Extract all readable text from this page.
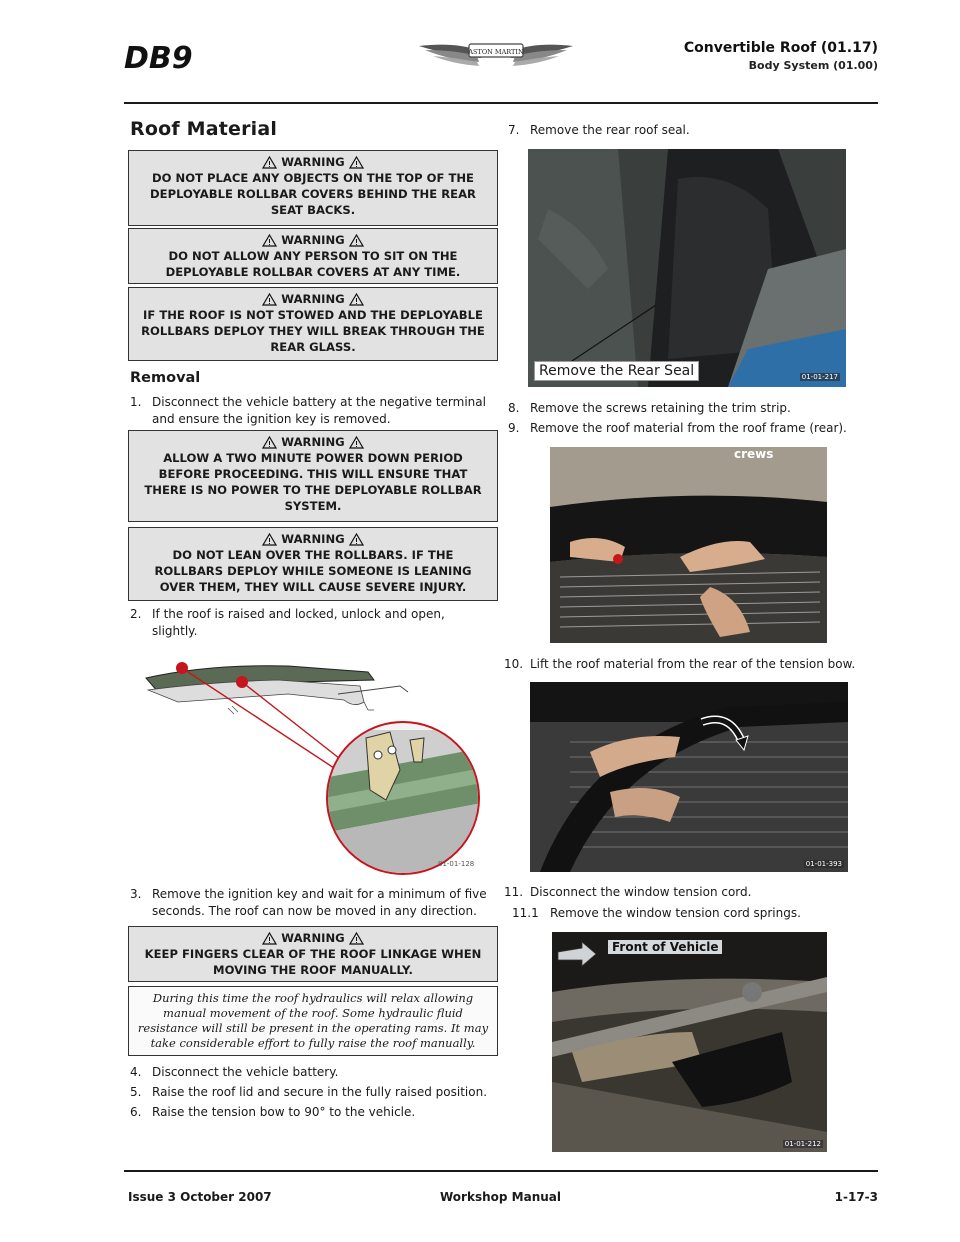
DB9	ASTON MARTIN	Convertible Roof (01.17)
Body System (01.00)
Roof Material
WARNING
DO NOT PLACE ANY OBJECTS ON THE TOP OF THE DEPLOYABLE ROLLBAR COVERS BEHIND THE REAR SEAT BACKS.
WARNING
DO NOT ALLOW ANY PERSON TO SIT ON THE DEPLOYABLE ROLLBAR COVERS AT ANY TIME.
WARNING
IF THE ROOF IS NOT STOWED AND THE DEPLOYABLE ROLLBARS DEPLOY THEY WILL BREAK THROUGH THE REAR GLASS.
Removal
1. Disconnect the vehicle battery at the negative terminal and ensure the ignition key is removed.
WARNING
ALLOW A TWO MINUTE POWER DOWN PERIOD BEFORE PROCEEDING. THIS WILL ENSURE THAT THERE IS NO POWER TO THE DEPLOYABLE ROLLBAR SYSTEM.
WARNING
DO NOT LEAN OVER THE ROLLBARS. IF THE ROLLBARS DEPLOY WHILE SOMEONE IS LEANING OVER THEM, THEY WILL CAUSE SEVERE INJURY.
2. If the roof is raised and locked, unlock and open, slightly.
01-01-128
3. Remove the ignition key and wait for a minimum of five seconds. The roof can now be moved in any direction.
WARNING
KEEP FINGERS CLEAR OF THE ROOF LINKAGE WHEN MOVING THE ROOF MANUALLY.
During this time the roof hydraulics will relax allowing manual movement of the roof. Some hydraulic fluid resistance will still be present in the operating rams. It may take considerable effort to fully raise the roof manually.
4. Disconnect the vehicle battery.
5. Raise the roof lid and secure in the fully raised position.
6. Raise the tension bow to 90° to the vehicle.
7. Remove the rear roof seal.
Remove the Rear Seal	01-01-217
8. Remove the screws retaining the trim strip.
9. Remove the roof material from the roof frame (rear).
crews
10. Lift the roof material from the rear of the tension bow.
01-01-393
11. Disconnect the window tension cord.
11.1 Remove the window tension cord springs.
Front of Vehicle
01-01-212
Issue 3 October 2007	Workshop Manual	1-17-3
